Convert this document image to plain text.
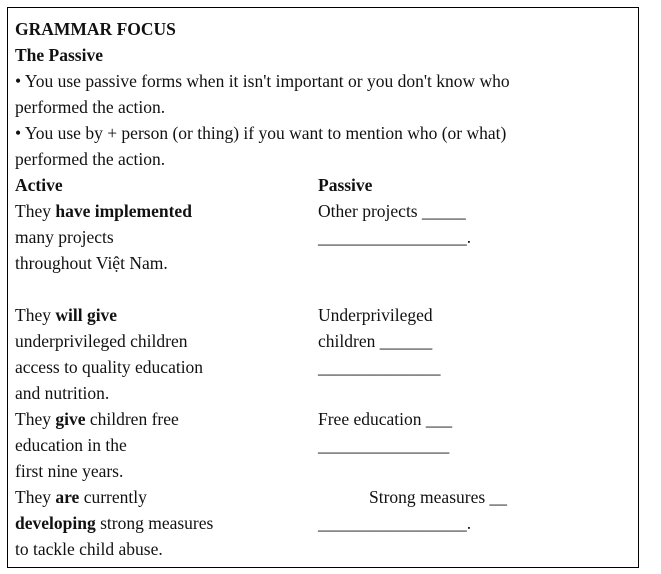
GRAMMAR FOCUS
The Passive
• You use passive forms when it isn't important or you don't know who
performed the action.
• You use by + person (or thing) if you want to mention who (or what)
performed the action.
Active	Passive
They have implemented
many projects
throughout Việt Nam.
Other projects _____
_________________.
They will give
underprivileged children
access to quality education
and nutrition.
Underprivileged
children ______
______________
They give children free
education in the
first nine years.
Free education ___
_______________
They are currently
developing strong measures
to tackle child abuse.
Strong measures __
_________________.
